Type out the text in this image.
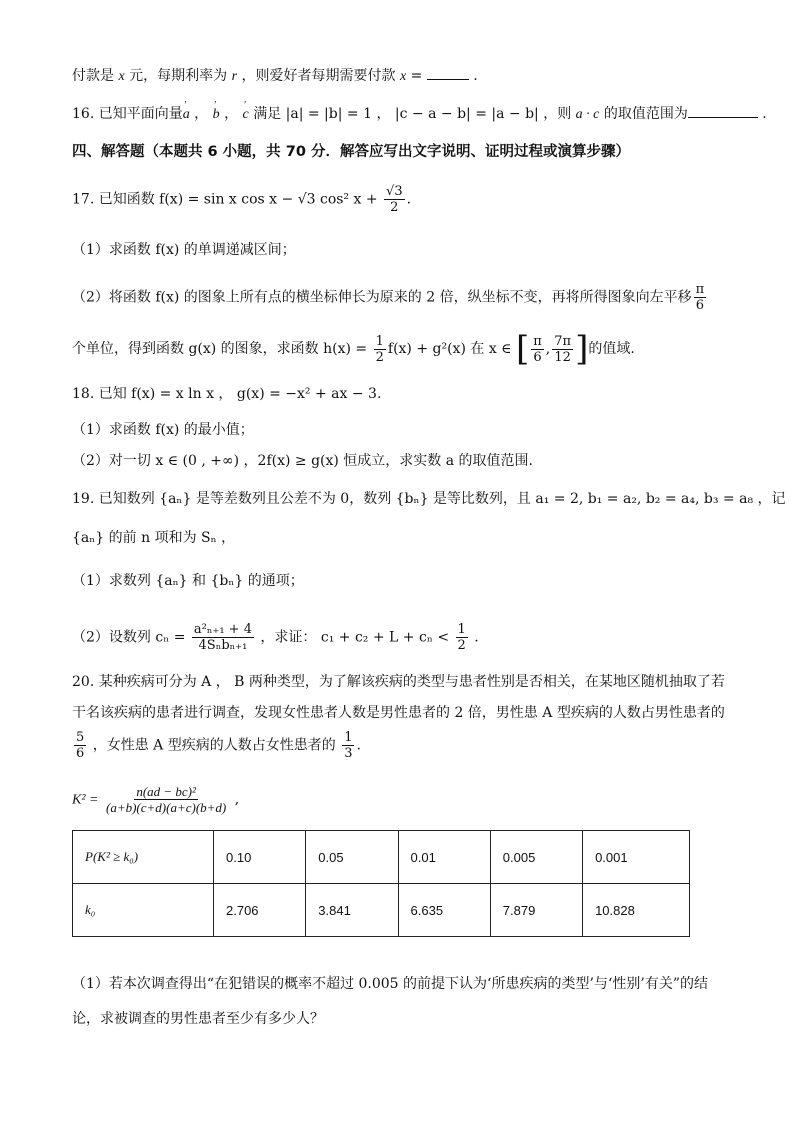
付款是 x 元，每期利率为 r ，则爱好者每期需要付款 x =	.
16. 已知平面向量' a ， ' b ， ' c 满足 |a| = |b| = 1 ， |c − a − b| = |a − b| ，则 a · c 的取值范围为	.
四、解答题（本题共 6 小题，共 70 分．解答应写出文字说明、证明过程或演算步骤）
17. 已知函数 f(x) = sin x cos x − √3 cos² $x + \frac{√3}{2}$ .
（1）求函数 f(x) 的单调递减区间；
（2）将函数 f(x) 的图象上所有点的横坐标伸长为原来的 2 倍，纵坐标不变，再将所得图象向左平移 $\frac{\pi}{6}$
个单位，得到函数 g(x) 的图象，求函数 $h(x) = \frac{1}{2} f(x) + g^2(x)$ 在 x ∈ [ $\frac{\pi}{6}$ , $\frac{7\pi}{12}$ ]的值域.
18. 已知 f(x) = x ln x ， g(x) = −x² + ax − 3.
（1）求函数 f(x) 的最小值；
（2）对一切 x ∈ (0 , +∞) ，2f(x) ≥ g(x) 恒成立，求实数 a 的取值范围.
19. 已知数列 {aₙ} 是等差数列且公差不为 0，数列 {bₙ} 是等比数列，且 a₁ = 2, b₁ = a₂, b₂ = a₄, b₃ = a₈ ，记
{aₙ} 的前 n 项和为 Sₙ ，
（1）求数列 {aₙ} 和 {bₙ} 的通项；
（2）设数列 $c_n = \frac{\text{a²ₙ₊₁ + 4}}{\text{4Sₙbₙ₊₁}}$ ，求证： $c_1 + c_2 + L + c_n < \frac{1}{2}$ .
20. 某种疾病可分为 A ， B 两种类型，为了解该疾病的类型与患者性别是否相关，在某地区随机抽取了若
干名该疾病的患者进行调查，发现女性患者人数是男性患者的 2 倍，男性患 A 型疾病的人数占男性患者的
$\frac{5}{6}$ ，女性患 A 型疾病的人数占女性患者的 $\frac{1}{3}$ .
$K^2 = \frac{\text{n(ad − bc)²}}{(a+b)(c+d)(a+c)(b+d)}$ ,
P(K² ≥ k₀)	0.10	0.05	0.01	0.005	0.001
k₀	2.706	3.841	6.635	7.879	10.828
（1）若本次调查得出“在犯错误的概率不超过 0.005 的前提下认为‘所患疾病的类型’与‘性别’有关”的结
论，求被调查的男性患者至少有多少人？
